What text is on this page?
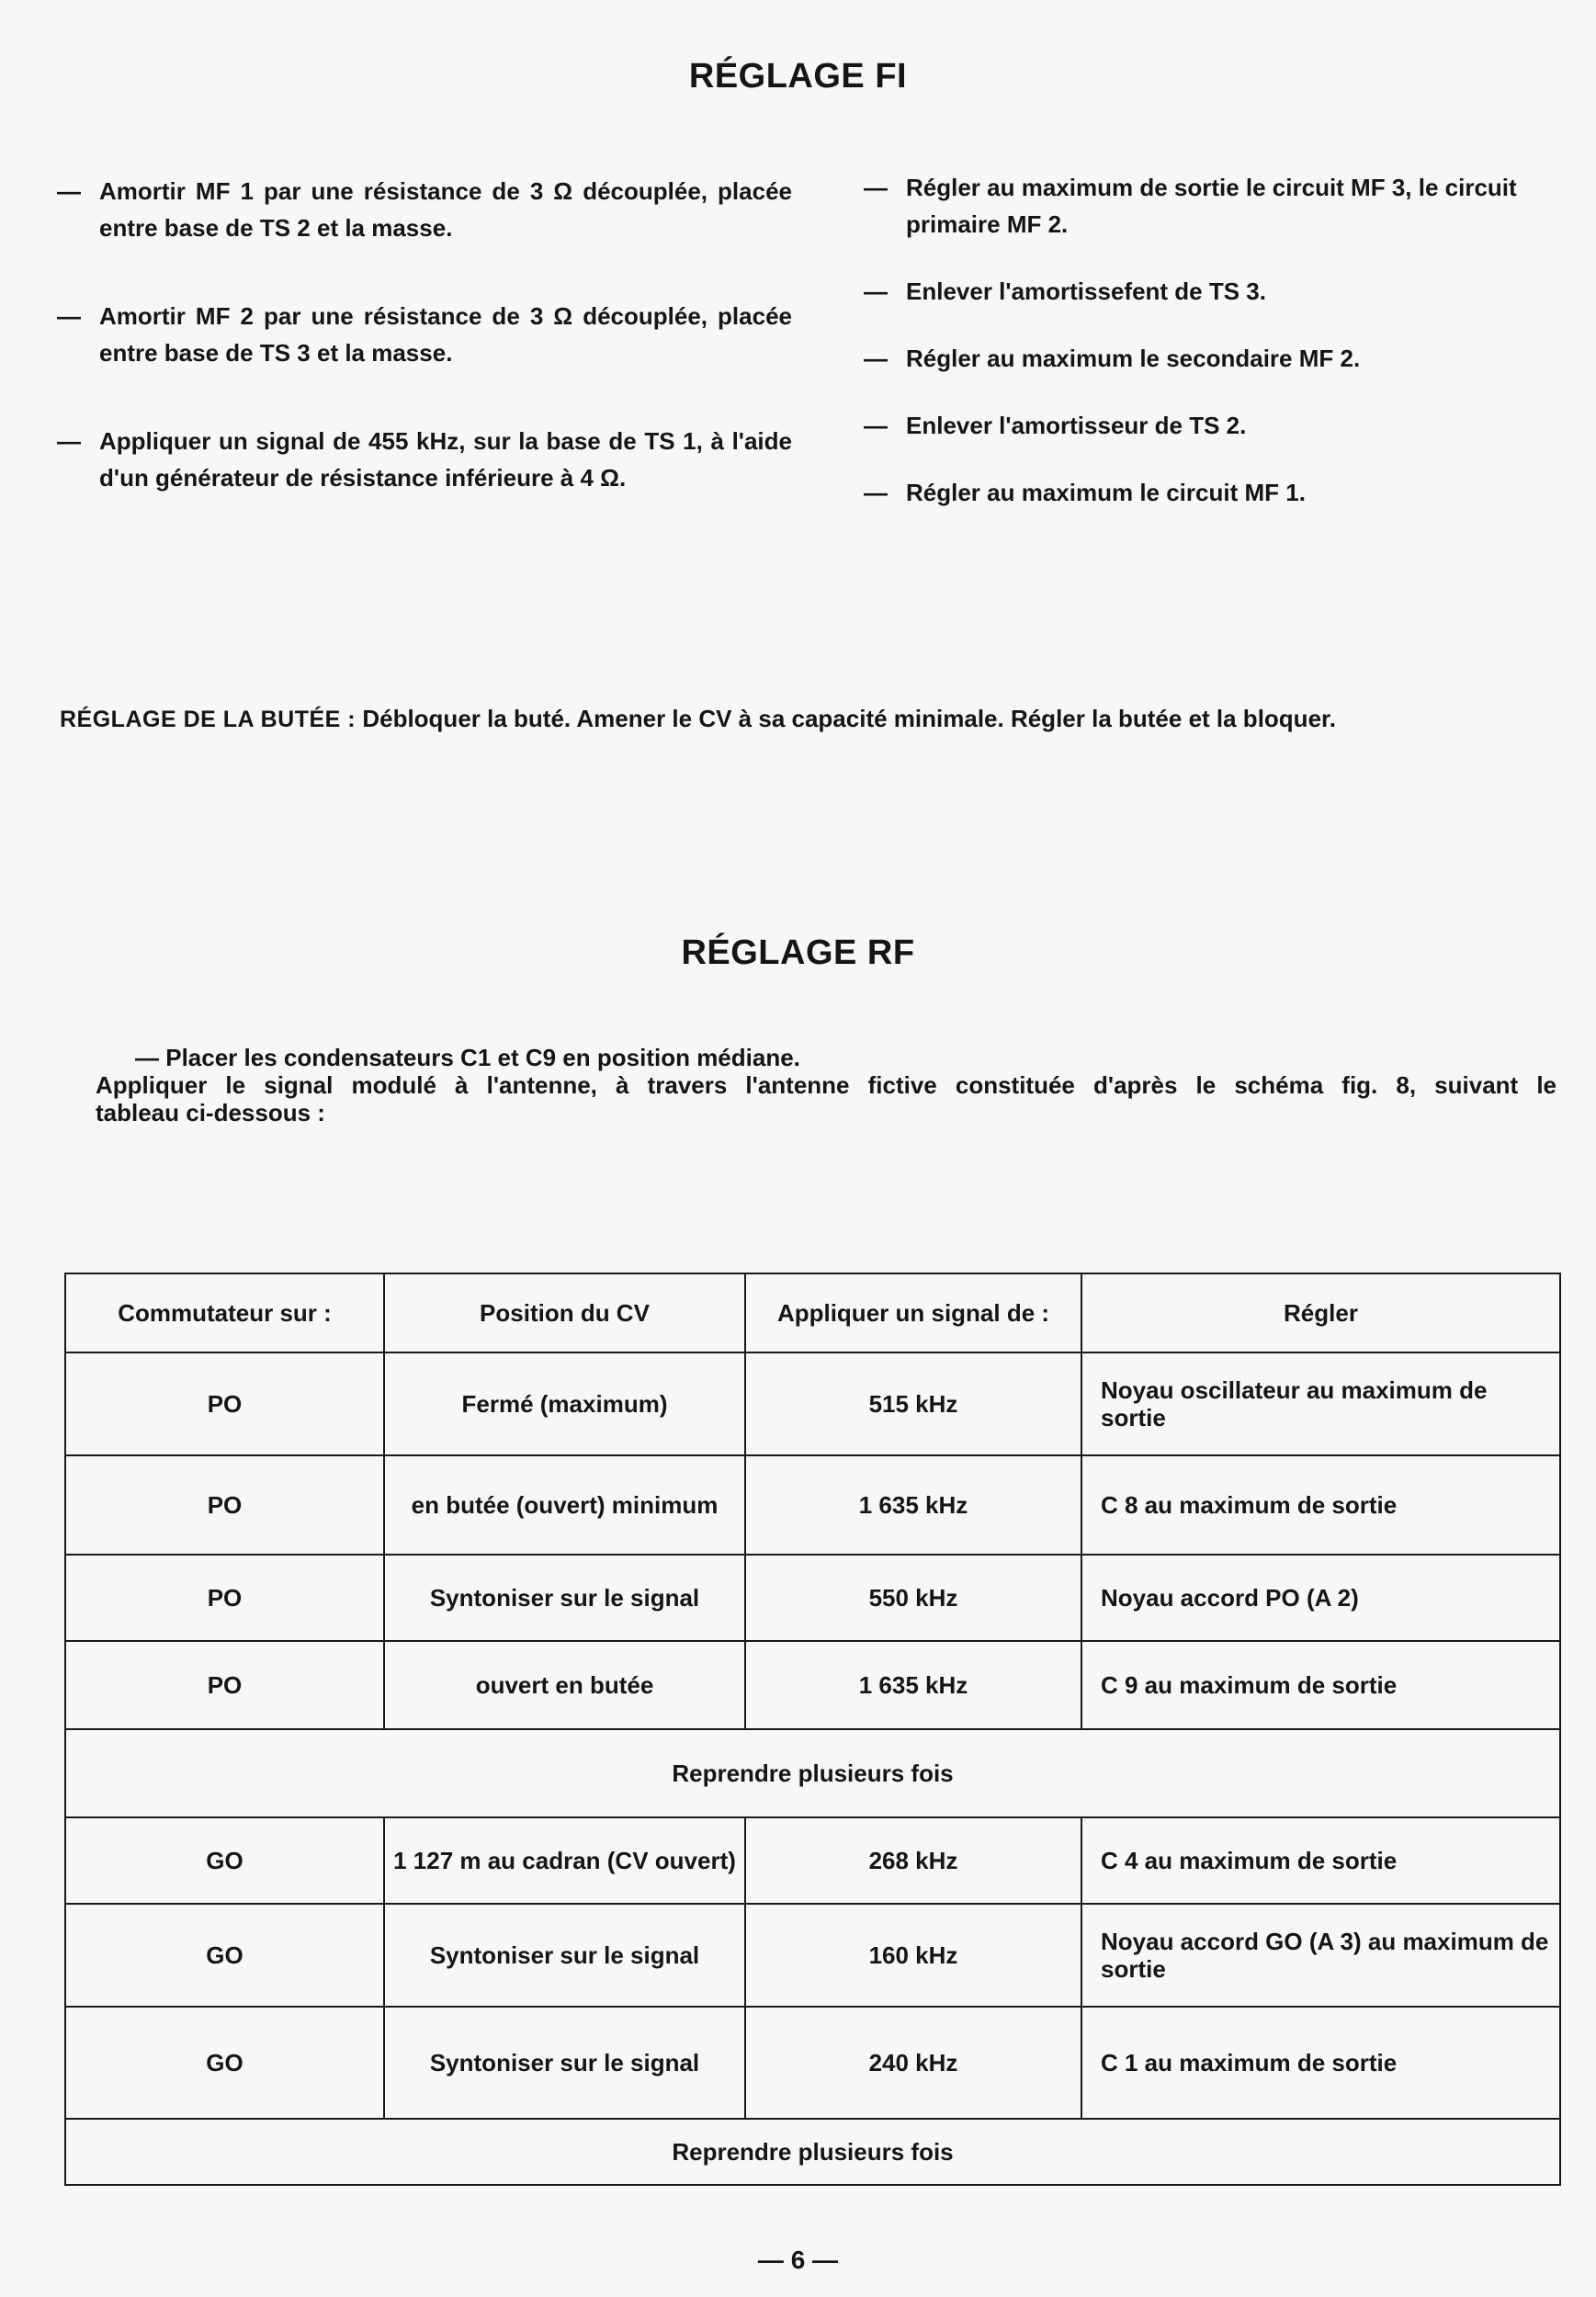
RÉGLAGE FI
— Amortir MF 1 par une résistance de 3 Ω découplée, placée entre base de TS 2 et la masse.
— Amortir MF 2 par une résistance de 3 Ω découplée, placée entre base de TS 3 et la masse.
— Appliquer un signal de 455 kHz, sur la base de TS 1, à l'aide d'un générateur de résistance inférieure à 4 Ω.
— Régler au maximum de sortie le circuit MF 3, le circuit primaire MF 2.
— Enlever l'amortissefent de TS 3.
— Régler au maximum le secondaire MF 2.
— Enlever l'amortisseur de TS 2.
— Régler au maximum le circuit MF 1.

RÉGLAGE DE LA BUTÉE : Débloquer la buté. Amener le CV à sa capacité minimale. Régler la butée et la bloquer.

RÉGLAGE RF
— Placer les condensateurs C1 et C9 en position médiane.
Appliquer le signal modulé à l'antenne, à travers l'antenne fictive constituée d'après le schéma fig. 8, suivant le
tableau ci-dessous :
Commutateur sur :	Position du CV	Appliquer un signal de :	Régler
PO	Fermé (maximum)	515 kHz	Noyau oscillateur au maximum de sortie
PO	en butée (ouvert) minimum	1 635 kHz	C 8 au maximum de sortie
PO	Syntoniser sur le signal	550 kHz	Noyau accord PO (A 2)
PO	ouvert en butée	1 635 kHz	C 9 au maximum de sortie
Reprendre plusieurs fois			
GO	1 127 m au cadran (CV ouvert)	268 kHz	C 4 au maximum de sortie
GO	Syntoniser sur le signal	160 kHz	Noyau accord GO (A 3) au maximum de sortie
GO	Syntoniser sur le signal	240 kHz	C 1 au maximum de sortie
Reprendre plusieurs fois			
— 6 —
